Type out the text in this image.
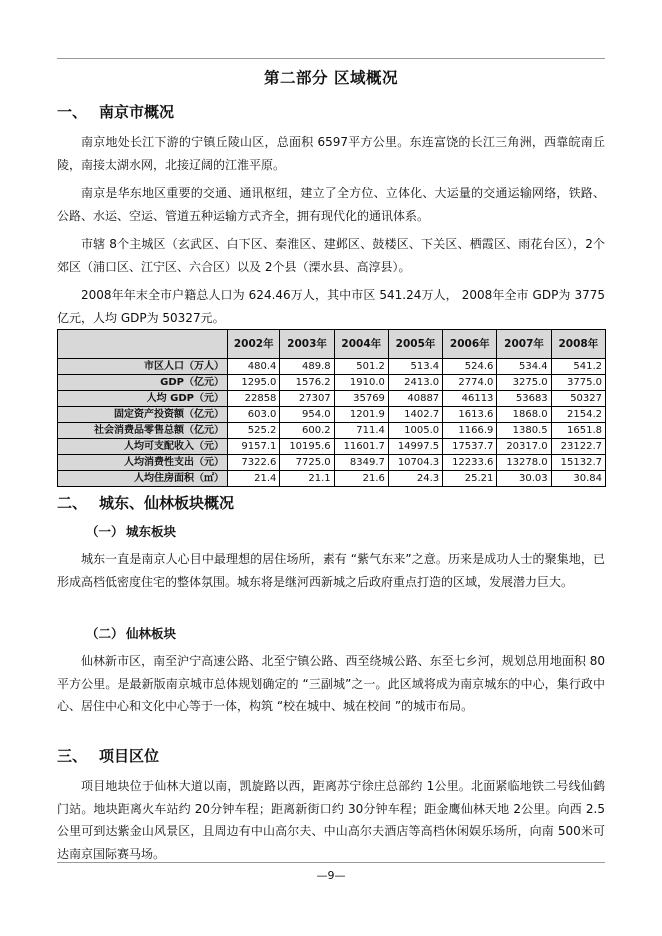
第二部分 区域概况
一、 南京市概况

南京地处长江下游的宁镇丘陵山区，总面积 6597平方公里。东连富饶的长江三角洲，西靠皖南丘陵，南接太湖水网，北接辽阔的江淮平原。

南京是华东地区重要的交通、通讯枢纽，建立了全方位、立体化、大运量的交通运输网络，铁路、公路、水运、空运、管道五种运输方式齐全，拥有现代化的通讯体系。

市辖 8个主城区（玄武区、白下区、秦淮区、建邺区、鼓楼区、下关区、栖霞区、雨花台区），2个郊区（浦口区、江宁区、六合区）以及 2个县（溧水县、高淳县）。

2008年年末全市户籍总人口为 624.46万人，其中市区 541.24万人， 2008年全市 GDP为 3775亿元，人均 GDP为 50327元。

	2002年	2003年	2004年	2005年	2006年	2007年	2008年
市区人口（万人）	480.4	489.8	501.2	513.4	524.6	534.4	541.2
GDP（亿元）	1295.0	1576.2	1910.0	2413.0	2774.0	3275.0	3775.0
人均 GDP（元）	22858	27307	35769	40887	46113	53683	50327
固定资产投资额（亿元）	603.0	954.0	1201.9	1402.7	1613.6	1868.0	2154.2
社会消费品零售总额（亿元）	525.2	600.2	711.4	1005.0	1166.9	1380.5	1651.8
人均可支配收入（元）	9157.1	10195.6	11601.7	14997.5	17537.7	20317.0	23122.7
人均消费性支出（元）	7322.6	7725.0	8349.7	10704.3	12233.6	13278.0	15132.7
人均住房面积（㎡）	21.4	21.1	21.6	24.3	25.21	30.03	30.84
二、 城东、仙林板块概况
（一） 城东板块

城东一直是南京人心目中最理想的居住场所，素有 “紫气东来”之意。历来是成功人士的聚集地，已形成高档低密度住宅的整体氛围。城东将是继河西新城之后政府重点打造的区域，发展潜力巨大。

（二） 仙林板块

仙林新市区，南至沪宁高速公路、北至宁镇公路、西至绕城公路、东至七乡河，规划总用地面积 80平方公里。是最新版南京城市总体规划确定的 “三副城”之一。此区域将成为南京城东的中心，集行政中心、居住中心和文化中心等于一体，构筑 “校在城中、城在校间 ”的城市布局。

三、 项目区位

项目地块位于仙林大道以南，凯旋路以西，距离苏宁徐庄总部约 1公里。北面紧临地铁二号线仙鹤门站。地块距离火车站约 20分钟车程；距离新街口约 30分钟车程；距金鹰仙林天地 2公里。向西 2.5公里可到达紫金山风景区，且周边有中山高尔夫、中山高尔夫酒店等高档休闲娱乐场所，向南 500米可达南京国际赛马场。

—9—
